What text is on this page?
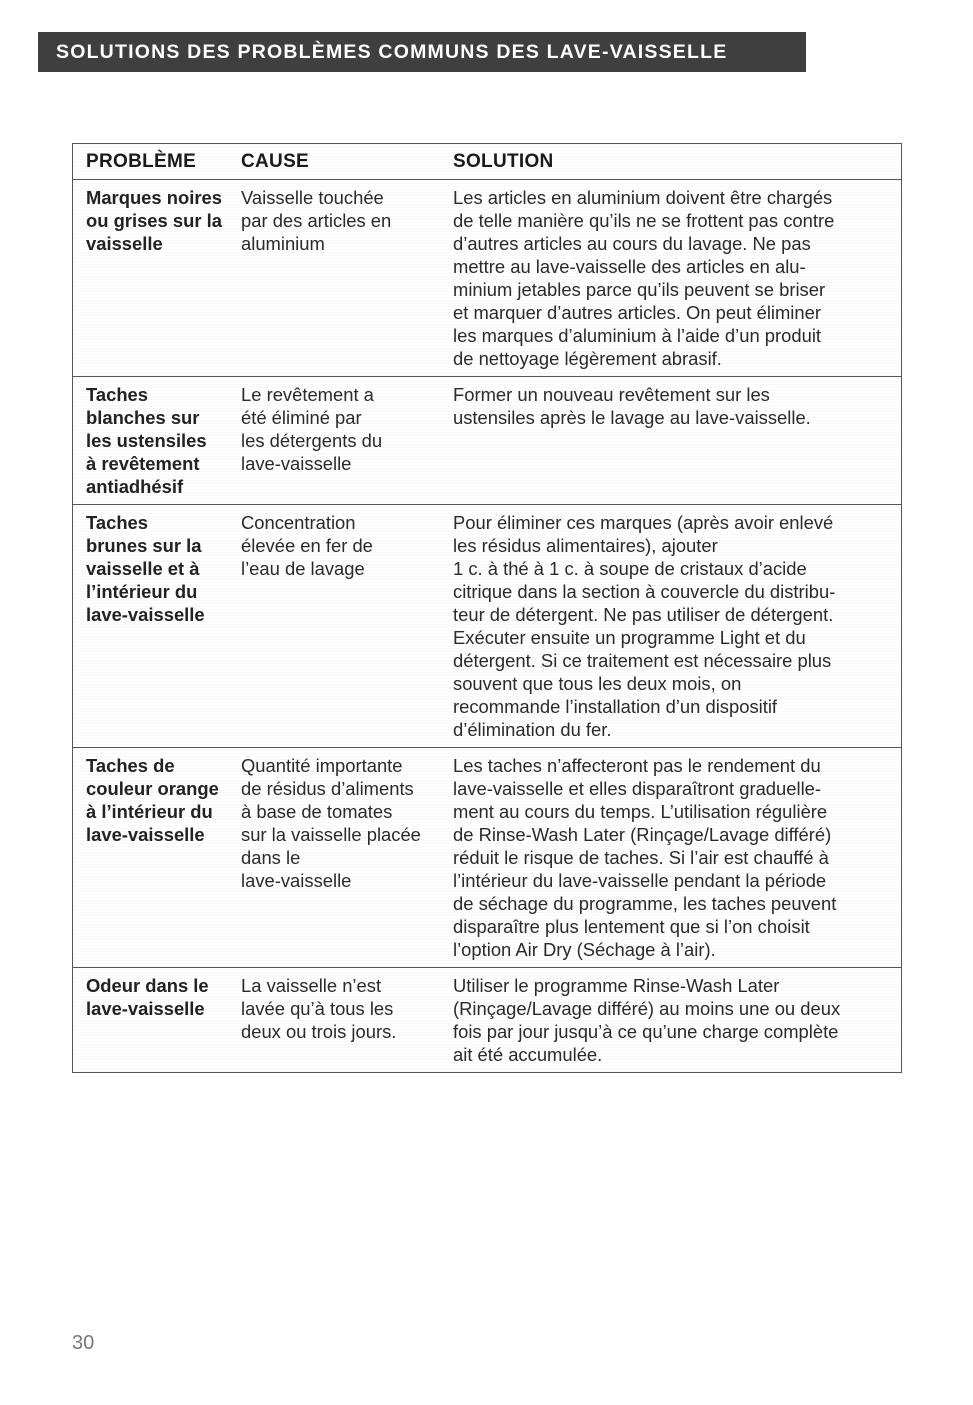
SOLUTIONS DES PROBLÈMES COMMUNS DES LAVE-VAISSELLE
PROBLÈME	CAUSE	SOLUTION
Marques noires
ou grises sur la
vaisselle
Vaisselle touchée
par des articles en
aluminium
Les articles en aluminium doivent être chargés
de telle manière qu’ils ne se frottent pas contre
d’autres articles au cours du lavage. Ne pas
mettre au lave-vaisselle des articles en alu-
minium jetables parce qu’ils peuvent se briser
et marquer d’autres articles. On peut éliminer
les marques d’aluminium à l’aide d’un produit
de nettoyage légèrement abrasif.
Taches
blanches sur
les ustensiles
à revêtement
antiadhésif
Le revêtement a
été éliminé par
les détergents du
lave-vaisselle
Former un nouveau revêtement sur les
ustensiles après le lavage au lave-vaisselle.
Taches
brunes sur la
vaisselle et à
l’intérieur du
lave-vaisselle
Concentration
élevée en fer de
l’eau de lavage
Pour éliminer ces marques (après avoir enlevé
les résidus alimentaires), ajouter
1 c. à thé à 1 c. à soupe de cristaux d’acide
citrique dans la section à couvercle du distribu-
teur de détergent. Ne pas utiliser de détergent.
Exécuter ensuite un programme Light et du
détergent. Si ce traitement est nécessaire plus
souvent que tous les deux mois, on
recommande l’installation d’un dispositif
d’élimination du fer.
Taches de
couleur orange
à l’intérieur du
lave-vaisselle
Quantité importante
de résidus d’aliments
à base de tomates
sur la vaisselle placée
dans le
lave-vaisselle
Les taches n’affecteront pas le rendement du
lave-vaisselle et elles disparaîtront graduelle-
ment au cours du temps. L’utilisation régulière
de Rinse-Wash Later (Rinçage/Lavage différé)
réduit le risque de taches. Si l’air est chauffé à
l’intérieur du lave-vaisselle pendant la période
de séchage du programme, les taches peuvent
disparaître plus lentement que si l’on choisit
l’option Air Dry (Séchage à l’air).
Odeur dans le
lave-vaisselle
La vaisselle n’est
lavée qu’à tous les
deux ou trois jours.
Utiliser le programme Rinse-Wash Later
(Rinçage/Lavage différé) au moins une ou deux
fois par jour jusqu’à ce qu’une charge complète
ait été accumulée.
30
